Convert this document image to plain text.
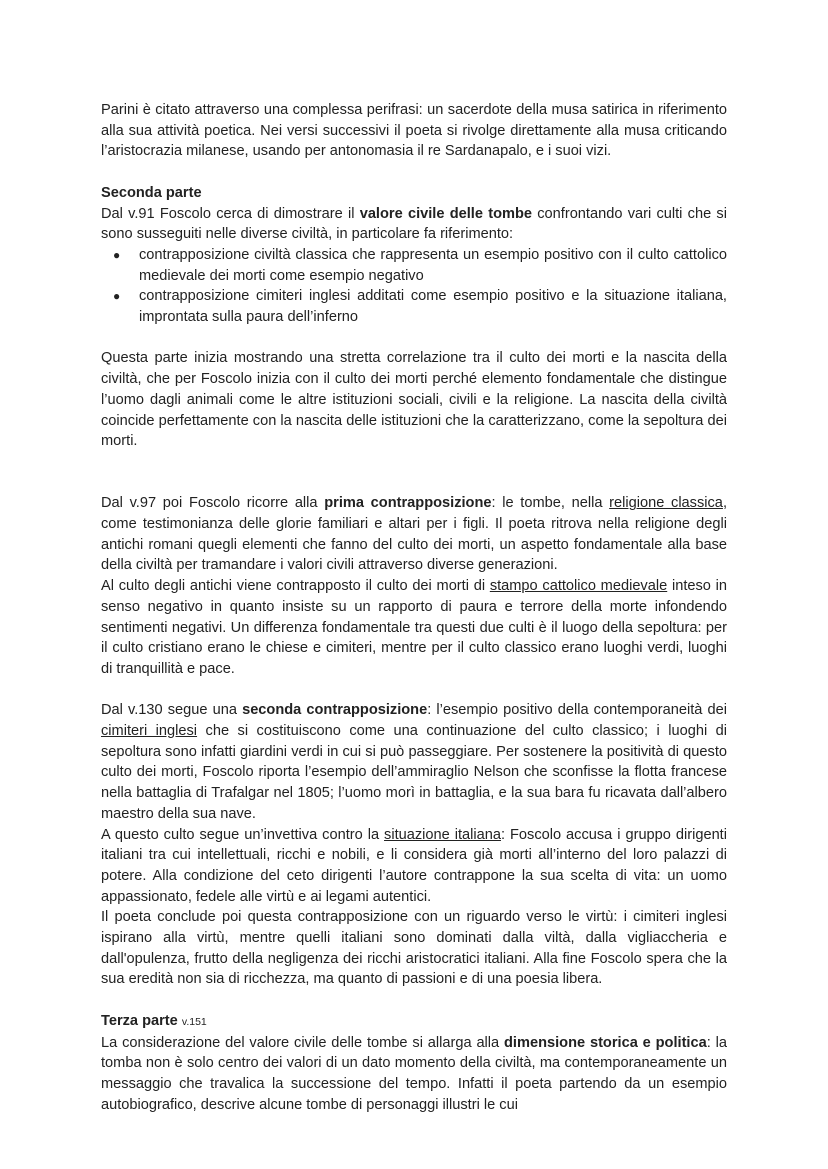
Parini è citato attraverso una complessa perifrasi: un sacerdote della musa satirica in riferimento alla sua attività poetica. Nei versi successivi il poeta si rivolge direttamente alla musa criticando l’aristocrazia milanese, usando per antonomasia il re Sardanapalo, e i suoi vizi.

Seconda parte

Dal v.91 Foscolo cerca di dimostrare il valore civile delle tombe confrontando vari culti che si sono susseguiti nelle diverse civiltà, in particolare fa riferimento:

● contrapposizione civiltà classica che rappresenta un esempio positivo con il culto cattolico medievale dei morti come esempio negativo
● contrapposizione cimiteri inglesi additati come esempio positivo e la situazione italiana, improntata sulla paura dell’inferno

Questa parte inizia mostrando una stretta correlazione tra il culto dei morti e la nascita della civiltà, che per Foscolo inizia con il culto dei morti perché elemento fondamentale che distingue l’uomo dagli animali come le altre istituzioni sociali, civili e la religione. La nascita della civiltà coincide perfettamente con la nascita delle istituzioni che la caratterizzano, come la sepoltura dei morti.

Dal v.97 poi Foscolo ricorre alla prima contrapposizione: le tombe, nella religione classica, come testimonianza delle glorie familiari e altari per i figli. Il poeta ritrova nella religione degli antichi romani quegli elementi che fanno del culto dei morti, un aspetto fondamentale alla base della civiltà per tramandare i valori civili attraverso diverse generazioni.

Al culto degli antichi viene contrapposto il culto dei morti di stampo cattolico medievale inteso in senso negativo in quanto insiste su un rapporto di paura e terrore della morte infondendo sentimenti negativi. Un differenza fondamentale tra questi due culti è il luogo della sepoltura: per il culto cristiano erano le chiese e cimiteri, mentre per il culto classico erano luoghi verdi, luoghi di tranquillità e pace.

Dal v.130 segue una seconda contrapposizione: l’esempio positivo della contemporaneità dei cimiteri inglesi che si costituiscono come una continuazione del culto classico; i luoghi di sepoltura sono infatti giardini verdi in cui si può passeggiare. Per sostenere la positività di questo culto dei morti, Foscolo riporta l’esempio dell’ammiraglio Nelson che sconfisse la flotta francese nella battaglia di Trafalgar nel 1805; l’uomo morì in battaglia, e la sua bara fu ricavata dall’albero maestro della sua nave.

A questo culto segue un’invettiva contro la situazione italiana: Foscolo accusa i gruppo dirigenti italiani tra cui intellettuali, ricchi e nobili, e li considera già morti all’interno del loro palazzi di potere. Alla condizione del ceto dirigenti l’autore contrappone la sua scelta di vita: un uomo appassionato, fedele alle virtù e ai legami autentici.

Il poeta conclude poi questa contrapposizione con un riguardo verso le virtù: i cimiteri inglesi ispirano alla virtù, mentre quelli italiani sono dominati dalla viltà, dalla vigliaccheria e dall'opulenza, frutto della negligenza dei ricchi aristocratici italiani. Alla fine Foscolo spera che la sua eredità non sia di ricchezza, ma quanto di passioni e di una poesia libera.

Terza parte v.151

La considerazione del valore civile delle tombe si allarga alla dimensione storica e politica: la tomba non è solo centro dei valori di un dato momento della civiltà, ma contemporaneamente un messaggio che travalica la successione del tempo. Infatti il poeta partendo da un esempio autobiografico, descrive alcune tombe di personaggi illustri le cui
